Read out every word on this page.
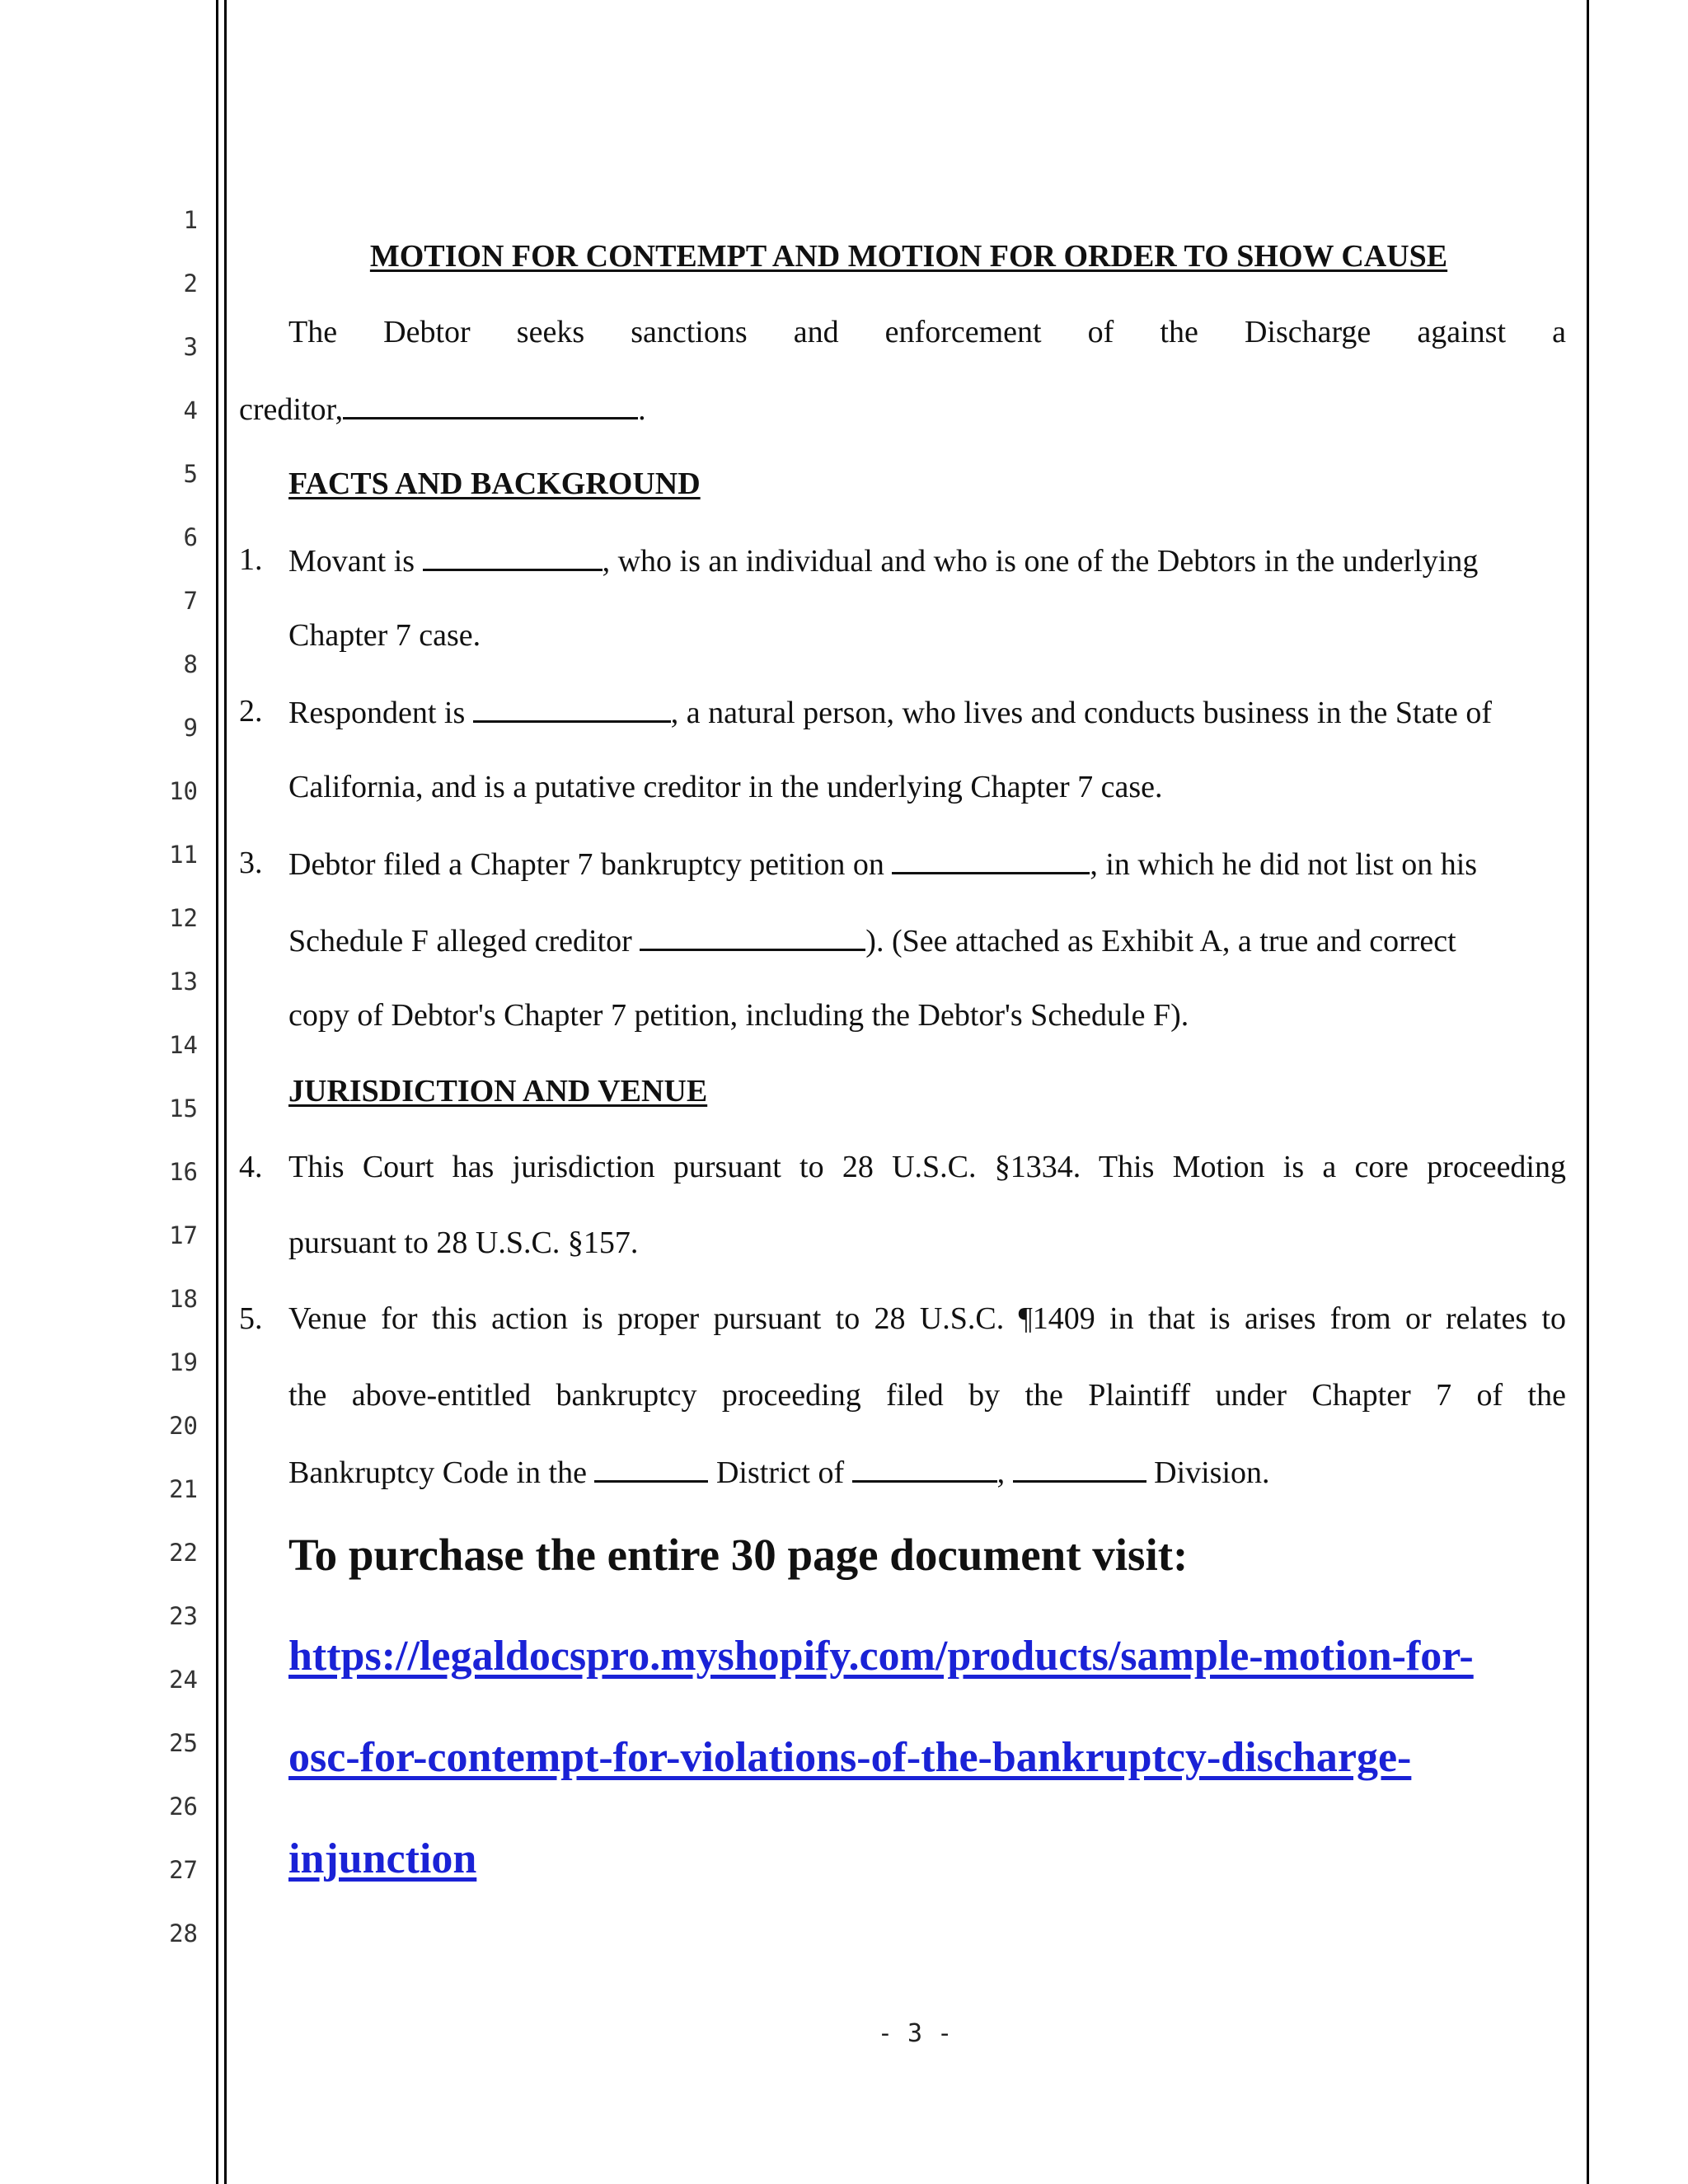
1
2
3
4
5
6
7
8
9
10
11
12
13
14
15
16
17
18
19
20
21
22
23
24
25
26
27
28
MOTION FOR CONTEMPT AND MOTION FOR ORDER TO SHOW CAUSE
The Debtor seeks sanctions and enforcement of the Discharge against a
creditor,	.
FACTS AND BACKGROUND
1. Movant is	, who is an individual and who is one of the Debtors in the underlying
Chapter 7 case.
2. Respondent is	, a natural person, who lives and conducts business in the State of
California, and is a putative creditor in the underlying Chapter 7 case.
3. Debtor filed a Chapter 7 bankruptcy petition on	, in which he did not list on his
Schedule F alleged creditor	). (See attached as Exhibit A, a true and correct
copy of Debtor's Chapter 7 petition, including the Debtor's Schedule F).
JURISDICTION AND VENUE
4. This Court has jurisdiction pursuant to 28 U.S.C. §1334. This Motion is a core proceeding
pursuant to 28 U.S.C. §157.
5. Venue for this action is proper pursuant to 28 U.S.C. ¶1409 in that is arises from or relates to
the above-entitled bankruptcy proceeding filed by the Plaintiff under Chapter 7 of the
Bankruptcy Code in the	District of	,	Division.
To purchase the entire 30 page document visit:
https://legaldocspro.myshopify.com/products/sample-motion-for-
osc-for-contempt-for-violations-of-the-bankruptcy-discharge-
injunction
- 3 -
